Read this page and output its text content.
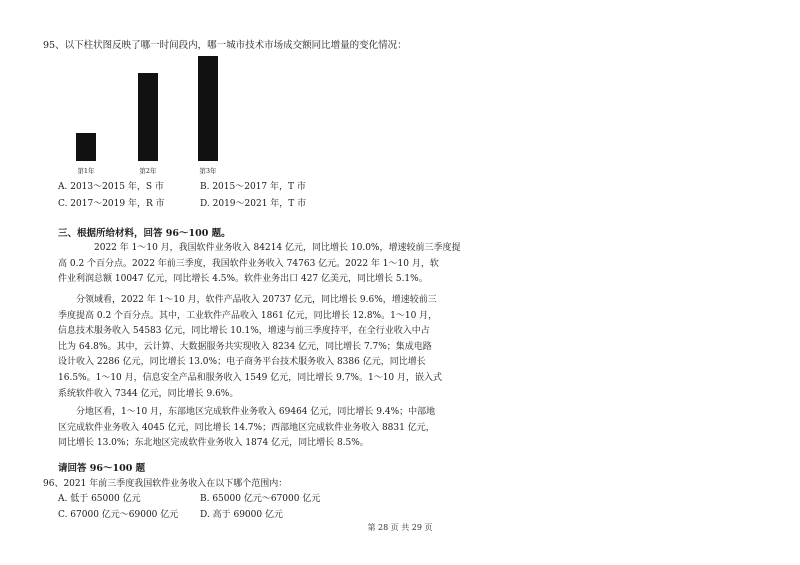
95、以下柱状图反映了哪一时间段内，哪一城市技术市场成交额同比增量的变化情况：
第1年	第2年	第3年
A. 2013～2015 年，S 市	B. 2015～2017 年，T 市
C. 2017～2019 年，R 市	D. 2019～2021 年，T 市
三、根据所给材料，回答 96～100 题。
2022 年 1～10 月，我国软件业务收入 84214 亿元，同比增长 10.0%，增速较前三季度提
高 0.2 个百分点。2022 年前三季度，我国软件业务收入 74763 亿元。2022 年 1～10 月，软
件业利润总额 10047 亿元，同比增长 4.5%。软件业务出口 427 亿美元，同比增长 5.1%。
分领域看，2022 年 1～10 月，软件产品收入 20737 亿元，同比增长 9.6%，增速较前三
季度提高 0.2 个百分点。其中，工业软件产品收入 1861 亿元，同比增长 12.8%。1～10 月，
信息技术服务收入 54583 亿元，同比增长 10.1%，增速与前三季度持平，在全行业收入中占
比为 64.8%。其中，云计算、大数据服务共实现收入 8234 亿元，同比增长 7.7%；集成电路
设计收入 2286 亿元，同比增长 13.0%；电子商务平台技术服务收入 8386 亿元，同比增长
16.5%。1～10 月，信息安全产品和服务收入 1549 亿元，同比增长 9.7%。1～10 月，嵌入式
系统软件收入 7344 亿元，同比增长 9.6%。
分地区看，1～10 月，东部地区完成软件业务收入 69464 亿元，同比增长 9.4%；中部地
区完成软件业务收入 4045 亿元，同比增长 14.7%；西部地区完成软件业务收入 8831 亿元，
同比增长 13.0%；东北地区完成软件业务收入 1874 亿元，同比增长 8.5%。
请回答 96～100 题
96、2021 年前三季度我国软件业务收入在以下哪个范围内：
A. 低于 65000 亿元	B. 65000 亿元～67000 亿元
C. 67000 亿元～69000 亿元 D. 高于 69000 亿元
第 28 页 共 29 页
